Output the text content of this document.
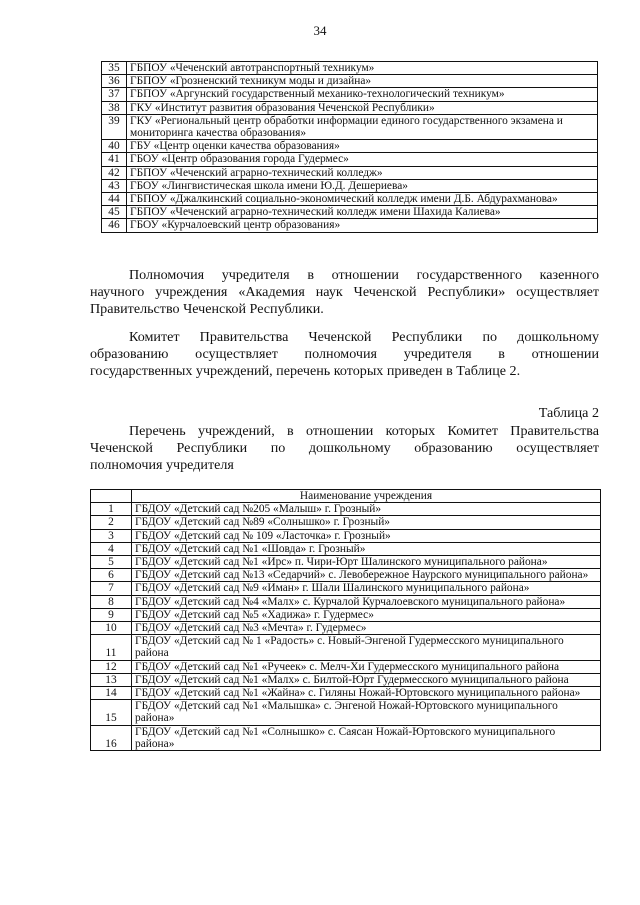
34
35	ГБПОУ «Чеченский автотранспортный техникум»
36	ГБПОУ «Грозненский техникум моды и дизайна»
37	ГБПОУ «Аргунский государственный механико-технологический техникум»
38	ГКУ «Институт развития образования Чеченской Республики»
39	ГКУ «Региональный центр обработки информации единого государственного экзамена и мониторинга качества образования»
40	ГБУ «Центр оценки качества образования»
41	ГБОУ «Центр образования города Гудермес»
42	ГБПОУ «Чеченский аграрно-технический колледж»
43	ГБОУ «Лингвистическая школа имени Ю.Д. Дешериева»
44	ГБПОУ «Джалкинский социально-экономический колледж имени Д.Б. Абдурахманова»
45	ГБПОУ «Чеченский аграрно-технический колледж имени Шахида Калиева»
46	ГБОУ «Курчалоевский центр образования»
Полномочия учредителя в отношении государственного казенного
научного учреждения «Академия наук Чеченской Республики» осуществляет
Правительство Чеченской Республики.
Комитет Правительства Чеченской Республики по дошкольному
образованию осуществляет полномочия учредителя в отношении
государственных учреждений, перечень которых приведен в Таблице 2.
Таблица 2
Перечень учреждений, в отношении которых Комитет Правительства
Чеченской Республики по дошкольному образованию осуществляет
полномочия учредителя
	Наименование учреждения
1	ГБДОУ «Детский сад №205 «Малыш» г. Грозный»
2	ГБДОУ «Детский сад №89 «Солнышко» г. Грозный»
3	ГБДОУ «Детский сад № 109 «Ласточка» г. Грозный»
4	ГБДОУ «Детский сад №1 «Шовда» г. Грозный»
5	ГБДОУ «Детский сад №1 «Ирс» п. Чири-Юрт Шалинского муниципального района»
6	ГБДОУ «Детский сад №13 «Седарчий» с. Левобережное Наурского муниципального района»
7	ГБДОУ «Детский сад №9 «Иман» г. Шали Шалинского муниципального района»
8	ГБДОУ «Детский сад №4 «Малх» с. Курчалой Курчалоевского муниципального района»
9	ГБДОУ «Детский сад №5 «Хадижа» г. Гудермес»
10	ГБДОУ «Детский сад №3 «Мечта» г. Гудермес»
11	ГБДОУ «Детский сад № 1 «Радость» с. Новый-Энгеной Гудермесского муниципального района
12	ГБДОУ «Детский сад №1 «Ручеек» с. Мелч-Хи Гудермесского муниципального района
13	ГБДОУ «Детский сад №1 «Малх» с. Билтой-Юрт Гудермесского муниципального района
14	ГБДОУ «Детский сад №1 «Жайна» с. Гиляны Ножай-Юртовского муниципального района»
15	ГБДОУ «Детский сад №1 «Малышка» с. Энгеной Ножай-Юртовского муниципального района»
16	ГБДОУ «Детский сад №1 «Солнышко» с. Саясан Ножай-Юртовского муниципального района»
